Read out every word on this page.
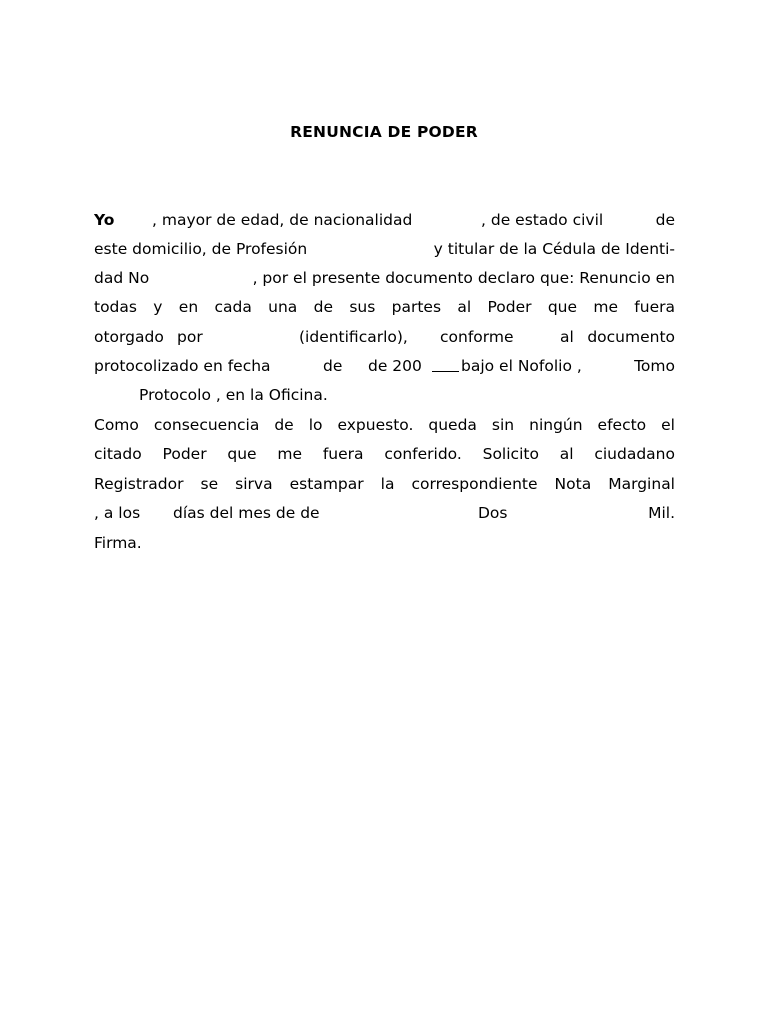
RENUNCIA DE PODER
Yo , mayor de edad, de nacionalidad	, de estado civil	de
este domicilio, de Profesión	y titular de la Cédula de Identi-
dad No	, por el presente documento declaro que: Renuncio en
todas y en cada una de sus partes al Poder que me fuera
otorgado por	(identificarlo), conforme	al documento
protocolizado en fecha	de de 200	bajo el Nofolio ,	Tomo
Protocolo , en la Oficina.
Como consecuencia de lo expuesto. queda sin ningún efecto el
citado Poder que me fuera conferido. Solicito al ciudadano
Registrador se sirva estampar la correspondiente Nota Marginal
, a los días del mes de de	Dos	Mil.
Firma.
